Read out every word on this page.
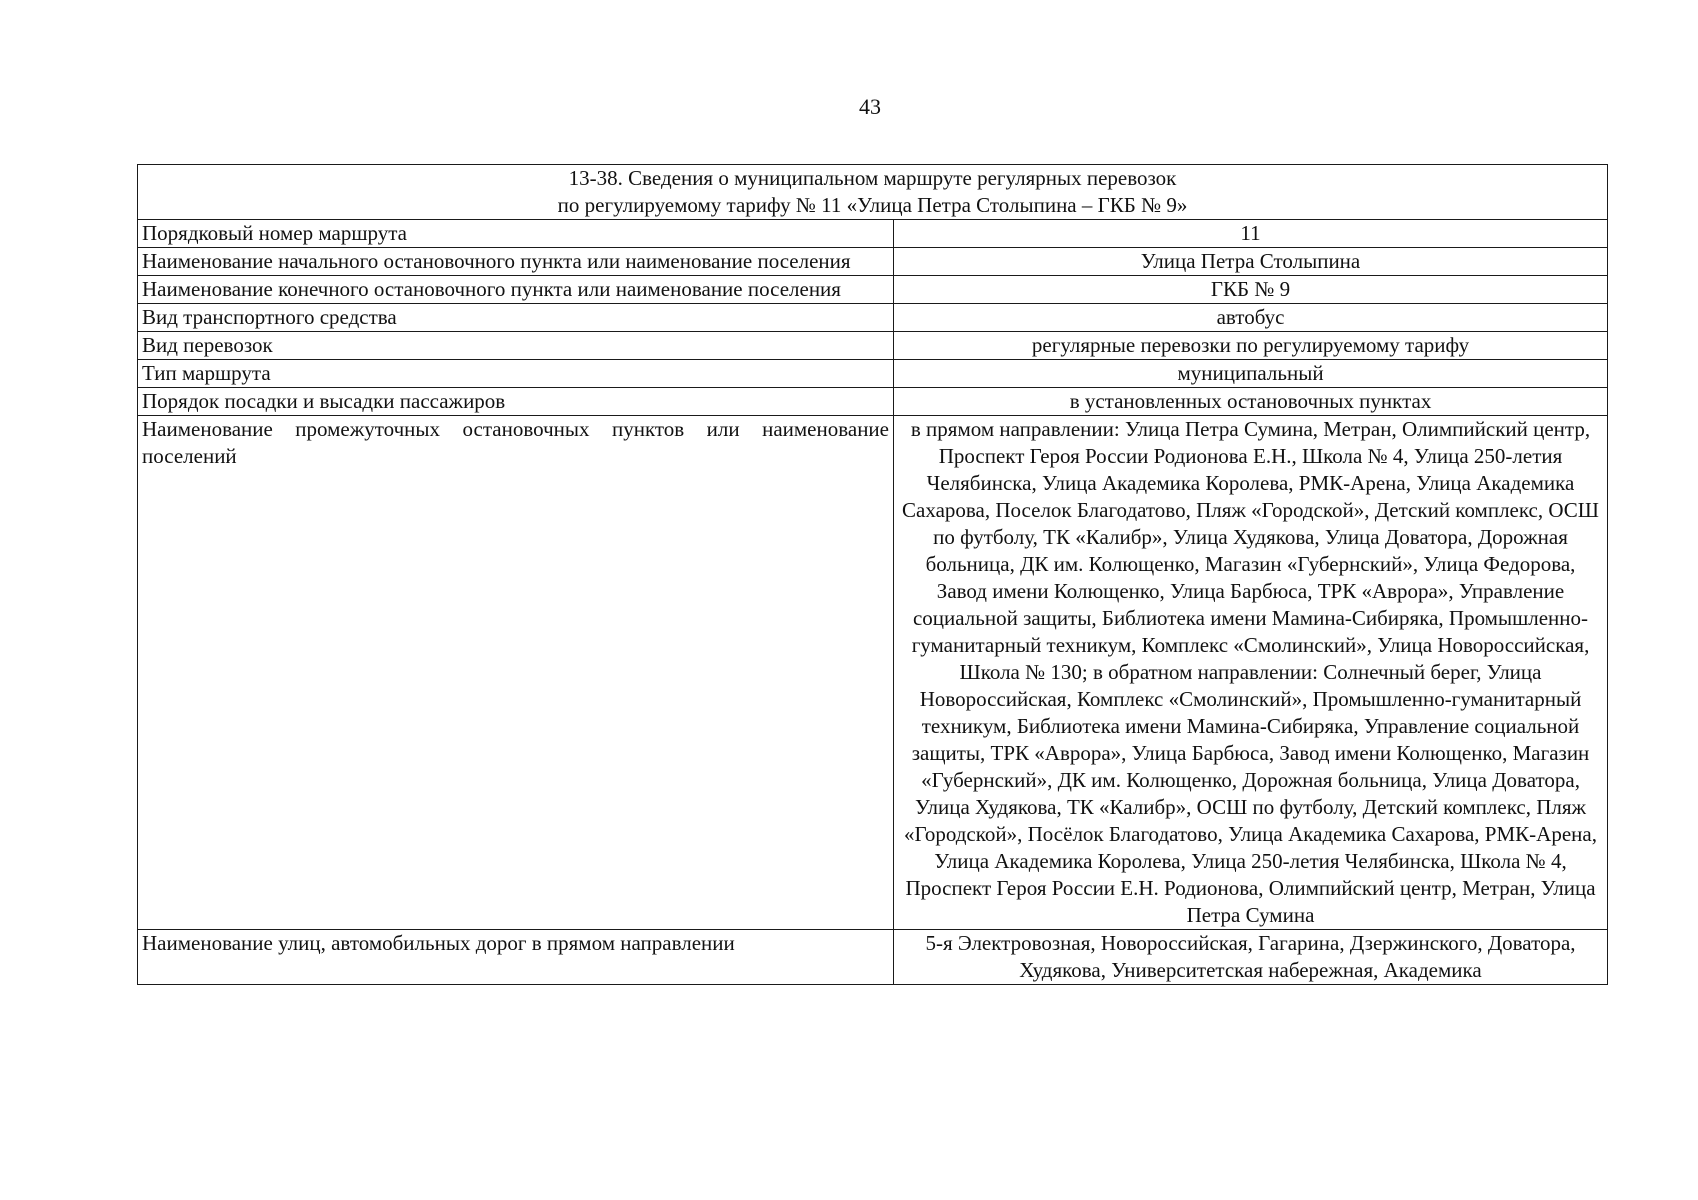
43
13-38. Сведения о муниципальном маршруте регулярных перевозок
по регулируемому тарифу № 11 «Улица Петра Столыпина – ГКБ № 9»	

Порядковый номер маршрута	11
Наименование начального остановочного пункта или наименование поселения	Улица Петра Столыпина
Наименование конечного остановочного пункта или наименование поселения	ГКБ № 9
Вид транспортного средства	автобус
Вид перевозок	регулярные перевозки по регулируемому тарифу
Тип маршрута	муниципальный
Порядок посадки и высадки пассажиров	в установленных остановочных пунктах
Наименование промежуточных остановочных пунктов или наименование поселений	в прямом направлении: Улица Петра Сумина, Метран, Олимпийский центр, Проспект Героя России Родионова Е.Н., Школа № 4, Улица 250-летия Челябинска, Улица Академика Королева, РМК-Арена, Улица Академика Сахарова, Поселок Благодатово, Пляж «Городской», Детский комплекс, ОСШ по футболу, ТК «Калибр», Улица Худякова, Улица Доватора, Дорожная больница, ДК им. Колющенко, Магазин «Губернский», Улица Федорова, Завод имени Колющенко, Улица Барбюса, ТРК «Аврора», Управление социальной защиты, Библиотека имени Мамина-Сибиряка, Промышленно-гуманитарный техникум, Комплекс «Смолинский», Улица Новороссийская, Школа № 130; в обратном направлении: Солнечный берег, Улица Новороссийская, Комплекс «Смолинский», Промышленно-гуманитарный техникум, Библиотека имени Мамина-Сибиряка, Управление социальной защиты, ТРК «Аврора», Улица Барбюса, Завод имени Колющенко, Магазин «Губернский», ДК им. Колющенко, Дорожная больница, Улица Доватора, Улица Худякова, ТК «Калибр», ОСШ по футболу, Детский комплекс, Пляж «Городской», Посёлок Благодатово, Улица Академика Сахарова, РМК-Арена, Улица Академика Королева, Улица 250-летия Челябинска, Школа № 4, Проспект Героя России Е.Н. Родионова, Олимпийский центр, Метран, Улица Петра Сумина
Наименование улиц, автомобильных дорог в прямом направлении	5-я Электровозная, Новороссийская, Гагарина, Дзержинского, Доватора, Худякова, Университетская набережная, Академика
